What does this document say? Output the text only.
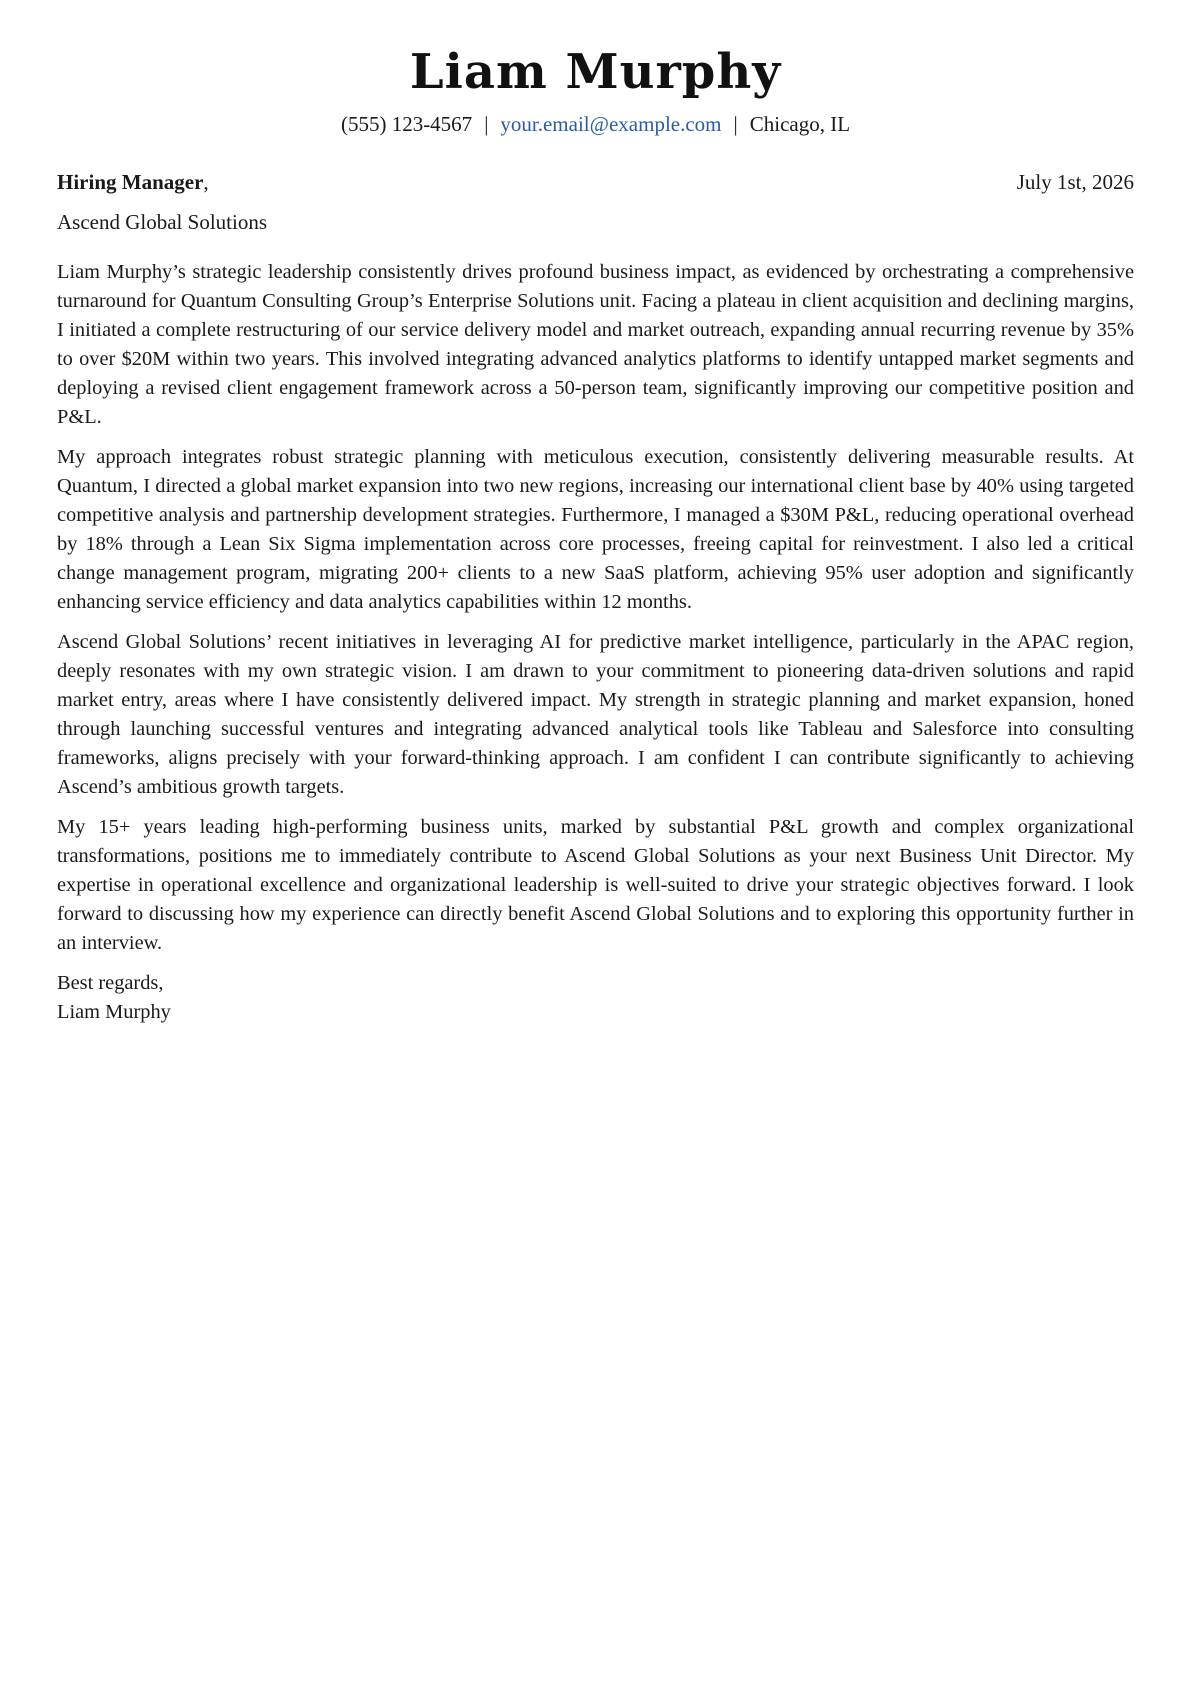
Liam Murphy
(555) 123-4567 | your.email@example.com | Chicago, IL
Hiring Manager,	July 1st, 2026
Ascend Global Solutions

Liam Murphy’s strategic leadership consistently drives profound business impact, as evidenced by orchestrating a comprehensive turnaround for Quantum Consulting Group’s Enterprise Solutions unit. Facing a plateau in client acquisition and declining margins, I initiated a complete restructuring of our service delivery model and market outreach, expanding annual recurring revenue by 35% to over $20M within two years. This involved integrating advanced analytics platforms to identify untapped market segments and deploying a revised client engagement framework across a 50-person team, significantly improving our competitive position and P&L.

My approach integrates robust strategic planning with meticulous execution, consistently delivering measurable results. At Quantum, I directed a global market expansion into two new regions, increasing our international client base by 40% using targeted competitive analysis and partnership development strategies. Furthermore, I managed a $30M P&L, reducing operational overhead by 18% through a Lean Six Sigma implementation across core processes, freeing capital for reinvestment. I also led a critical change management program, migrating 200+ clients to a new SaaS platform, achieving 95% user adoption and significantly enhancing service efficiency and data analytics capabilities within 12 months.

Ascend Global Solutions’ recent initiatives in leveraging AI for predictive market intelligence, particularly in the APAC region, deeply resonates with my own strategic vision. I am drawn to your commitment to pioneering data-driven solutions and rapid market entry, areas where I have consistently delivered impact. My strength in strategic planning and market expansion, honed through launching successful ventures and integrating advanced analytical tools like Tableau and Salesforce into consulting frameworks, aligns precisely with your forward-thinking approach. I am confident I can contribute significantly to achieving Ascend’s ambitious growth targets.

My 15+ years leading high-performing business units, marked by substantial P&L growth and complex organizational transformations, positions me to immediately contribute to Ascend Global Solutions as your next Business Unit Director. My expertise in operational excellence and organizational leadership is well-suited to drive your strategic objectives forward. I look forward to discussing how my experience can directly benefit Ascend Global Solutions and to exploring this opportunity further in an interview.

Best regards,
Liam Murphy
